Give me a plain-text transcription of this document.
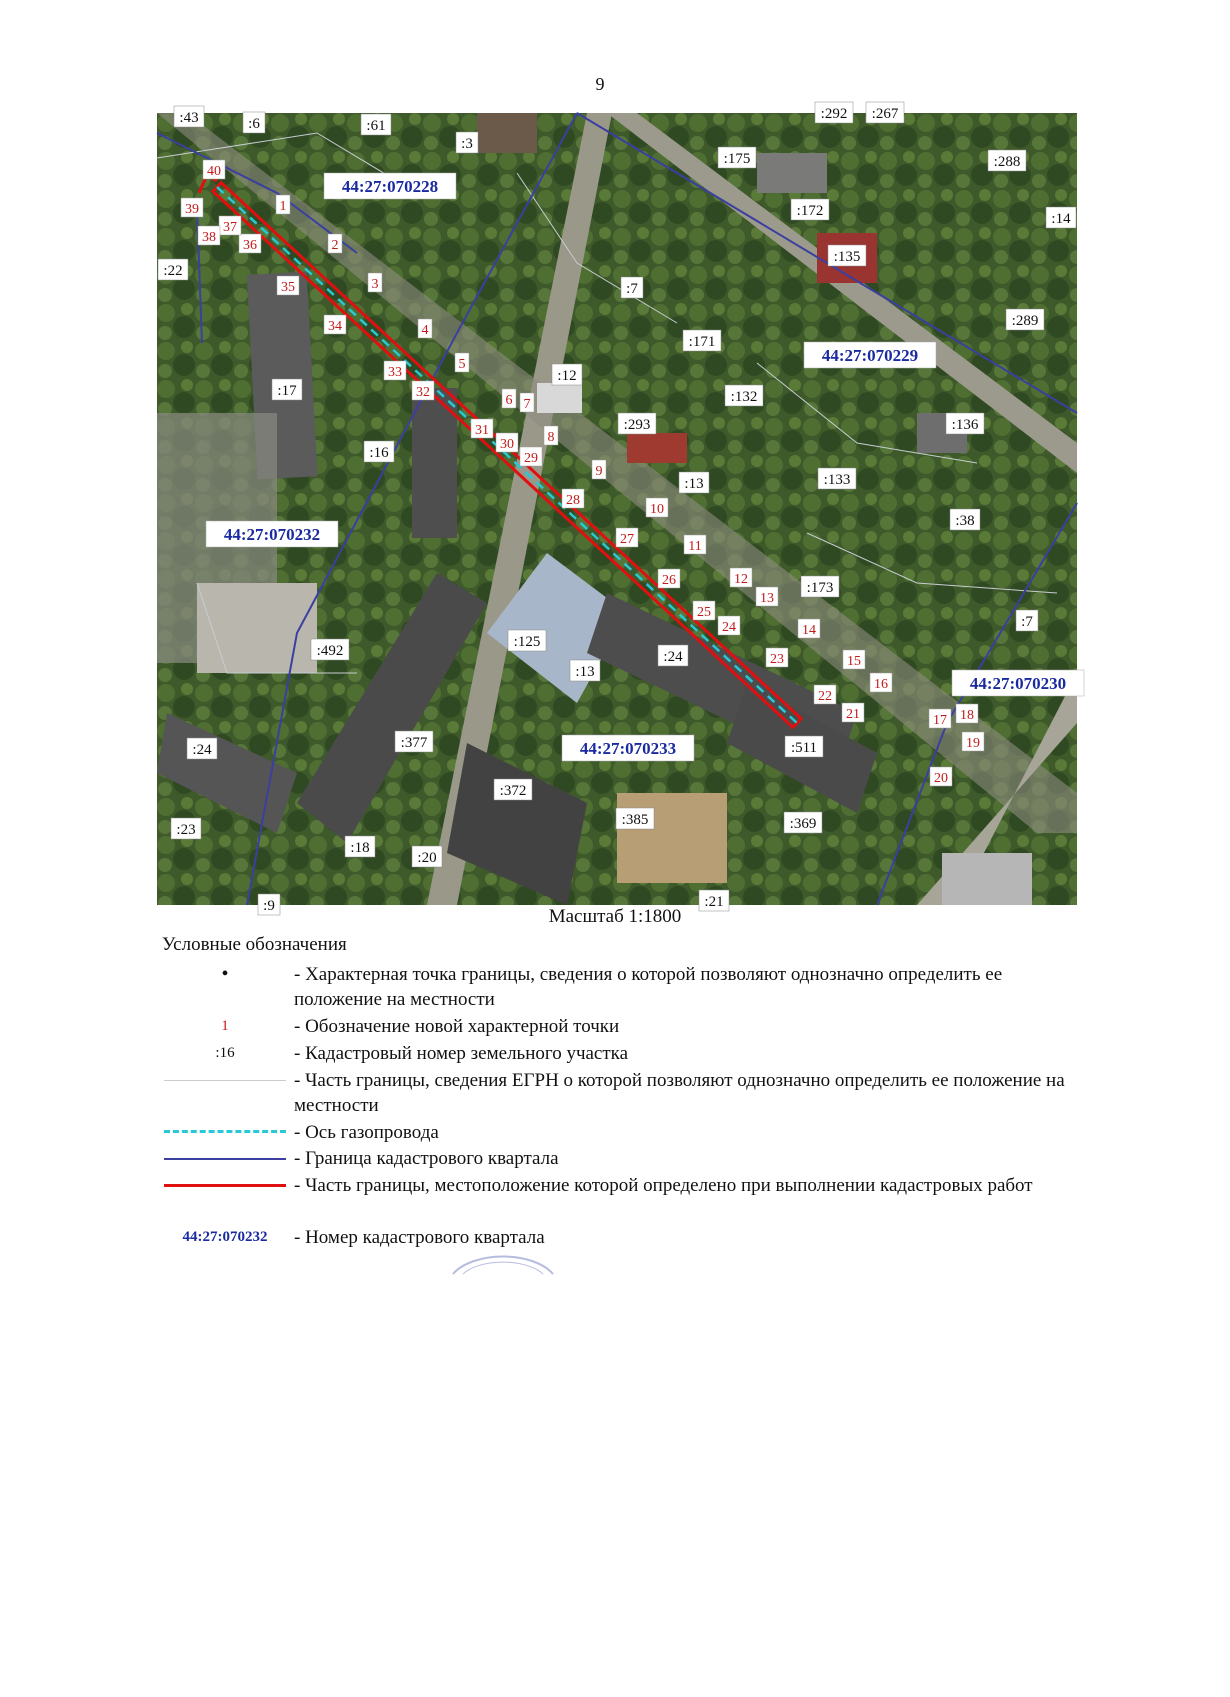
9
1
2
3
4
5
6 7
8
9
10
11
12
13
14
15
16
17 18
19
20
21
22
23
24
25
26
27
28
29
30
31
32
33
34
35
36
37
38
39
40
:43	:6	:61
:3
:292 :267
:175	:288
:172	:14
:135
:22
:7
:289
:171
:12
:132
:17
:293	:136
:16
:13	:133
:38
:173
:7
:492
:125
:13
:24
:377
:24
:372
:511
:385	:369
:23
:18
:20
:9	:21
44:27:070228
44:27:070229
44:27:070232
44:27:070230
44:27:070233
Масштаб 1:1800
Условные обозначения
•	- Характерная точка границы, сведения о которой позволяют однозначно определить ее положение на местности
1	- Обозначение новой характерной точки
:16	- Кадастровый номер земельного участка
- Часть границы, сведения ЕГРН о которой позволяют однозначно определить ее положение на местности
- Ось газопровода
- Граница кадастрового квартала
- Часть границы, местоположение которой определено при выполнении кадастровых работ
44:27:070232	- Номер кадастрового квартала
